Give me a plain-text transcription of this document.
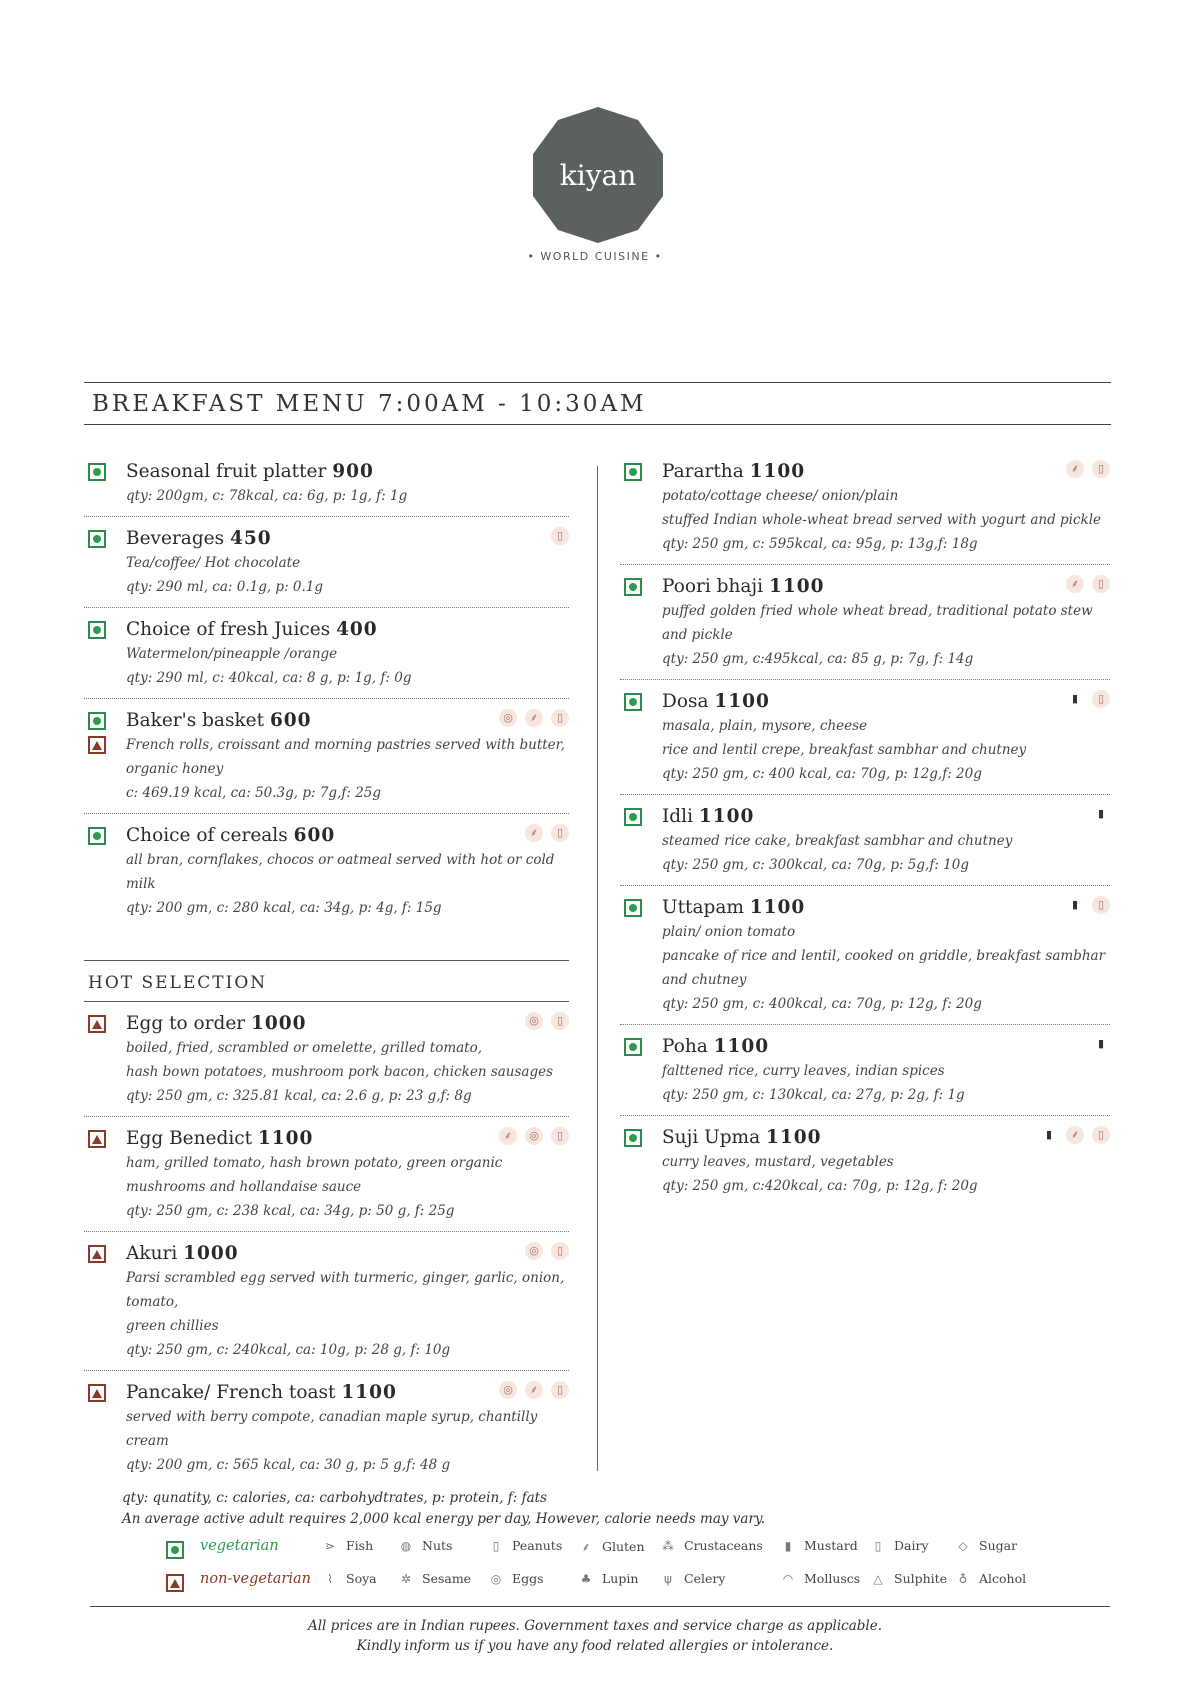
kiyan
• WORLD CUISINE •
BREAKFAST MENU 7:00AM - 10:30AM
Seasonal fruit platter 900
qty: 200gm, c: 78kcal, ca: 6g, p: 1g, f: 1g
Beverages 450
Tea/coffee/ Hot chocolate
qty: 290 ml, ca: 0.1g, p: 0.1g
▯
Choice of fresh Juices 400
Watermelon/pineapple /orange
qty: 290 ml, c: 40kcal, ca: 8 g, p: 1g, f: 0g
Baker's basket 600
French rolls, croissant and morning pastries served with butter,
organic honey
c: 469.19 kcal, ca: 50.3g, p: 7g,f: 25g
◎	⸙	▯
Choice of cereals 600
all bran, cornflakes, chocos or oatmeal served with hot or cold milk
qty: 200 gm, c: 280 kcal, ca: 34g, p: 4g, f: 15g
⸙	▯
HOT SELECTION
Egg to order 1000
boiled, fried, scrambled or omelette, grilled tomato,
hash bown potatoes, mushroom pork bacon, chicken sausages
qty: 250 gm, c: 325.81 kcal, ca: 2.6 g, p: 23 g,f: 8g
◎	▯
Egg Benedict 1100
ham, grilled tomato, hash brown potato, green organic
mushrooms and hollandaise sauce
qty: 250 gm, c: 238 kcal, ca: 34g, p: 50 g, f: 25g
⸙	◎	▯
Akuri 1000
Parsi scrambled egg served with turmeric, ginger, garlic, onion, tomato,
green chillies
qty: 250 gm, c: 240kcal, ca: 10g, p: 28 g, f: 10g
◎	▯
Pancake/ French toast 1100
served with berry compote, canadian maple syrup, chantilly cream
qty: 200 gm, c: 565 kcal, ca: 30 g, p: 5 g,f: 48 g
◎	⸙	▯
Parartha 1100
potato/cottage cheese/ onion/plain
stuffed Indian whole-wheat bread served with yogurt and pickle
qty: 250 gm, c: 595kcal, ca: 95g, p: 13g,f: 18g
⸙	▯
Poori bhaji 1100
puffed golden fried whole wheat bread, traditional potato stew
and pickle
qty: 250 gm, c:495kcal, ca: 85 g, p: 7g, f: 14g
⸙	▯
Dosa 1100
masala, plain, mysore, cheese
rice and lentil crepe, breakfast sambhar and chutney
qty: 250 gm, c: 400 kcal, ca: 70g, p: 12g,f: 20g
▮	▯
Idli 1100
steamed rice cake, breakfast sambhar and chutney
qty: 250 gm, c: 300kcal, ca: 70g, p: 5g,f: 10g
▮
Uttapam 1100
plain/ onion tomato
pancake of rice and lentil, cooked on griddle, breakfast sambhar and chutney
qty: 250 gm, c: 400kcal, ca: 70g, p: 12g, f: 20g
▮	▯
Poha 1100
falttened rice, curry leaves, indian spices
qty: 250 gm, c: 130kcal, ca: 27g, p: 2g, f: 1g
▮
Suji Upma 1100
curry leaves, mustard, vegetables
qty: 250 gm, c:420kcal, ca: 70g, p: 12g, f: 20g
▮	⸙	▯
qty: qunatity, c: calories, ca: carbohydtrates, p: protein, f: fats
An average active adult requires 2,000 kcal energy per day, However, calorie needs may vary.
vegetarian
non-vegetarian
⋗ Fish ◍ Nuts	▯	Peanuts ⸙ Gluten ⁂ Crustaceans	▮	Mustard	▯	Dairy ◇ Sugar
⌇	Soya ✲ Sesame ◎ Eggs	♣ Lupin	ψ Celery	◠ Molluscs △ Sulphite ♁ Alcohol
All prices are in Indian rupees. Government taxes and service charge as applicable.
Kindly inform us if you have any food related allergies or intolerance.
